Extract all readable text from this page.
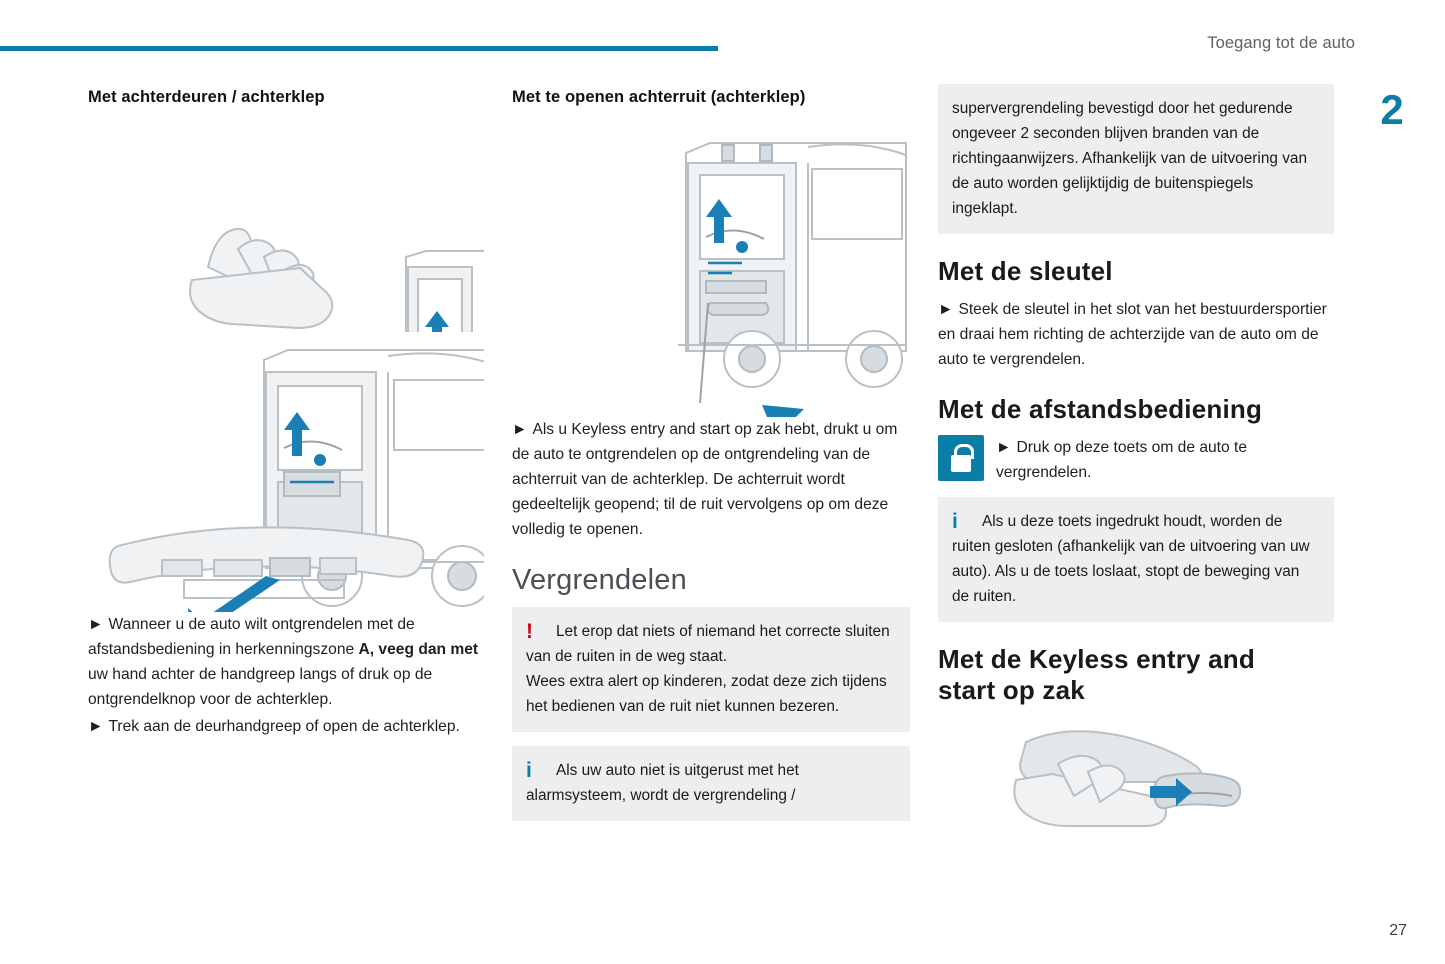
Toegang tot de auto
2
27
Met achterdeuren / achterklep

► Wanneer u de auto wilt ontgrendelen met de afstandsbediening in herkenningszone A, veeg dan met uw hand achter de handgreep langs of druk op de ontgrendelknop voor de achterklep.

► Trek aan de deurhandgreep of open de achterklep.

Met te openen achterruit (achterklep)

► Als u Keyless entry and start op zak hebt, drukt u om de auto te ontgrendelen op de ontgrendeling van de achterruit van de achterklep. De achterruit wordt gedeeltelijk geopend; til de ruit vervolgens op om deze volledig te openen.

Vergrendelen
!	Let erop dat niets of niemand het correcte sluiten van de ruiten in de weg staat.

Wees extra alert op kinderen, zodat deze zich tijdens het bedienen van de ruit niet kunnen bezeren.

i	Als uw auto niet is uitgerust met het alarmsysteem, wordt de vergrendeling /

supervergrendeling bevestigd door het gedurende ongeveer 2 seconden blijven branden van de richtingaanwijzers. Afhankelijk van de uitvoering van de auto worden gelijktijdig de buitenspiegels ingeklapt.

Met de sleutel

► Steek de sleutel in het slot van het bestuurdersportier en draai hem richting de achterzijde van de auto om de auto te vergrendelen.

Met de afstandsbediening

► Druk op deze toets om de auto te vergrendelen.

i	Als u deze toets ingedrukt houdt, worden de ruiten gesloten (afhankelijk van de uitvoering van uw auto). Als u de toets loslaat, stopt de beweging van de ruiten.

Met de Keyless entry and
start op zak
